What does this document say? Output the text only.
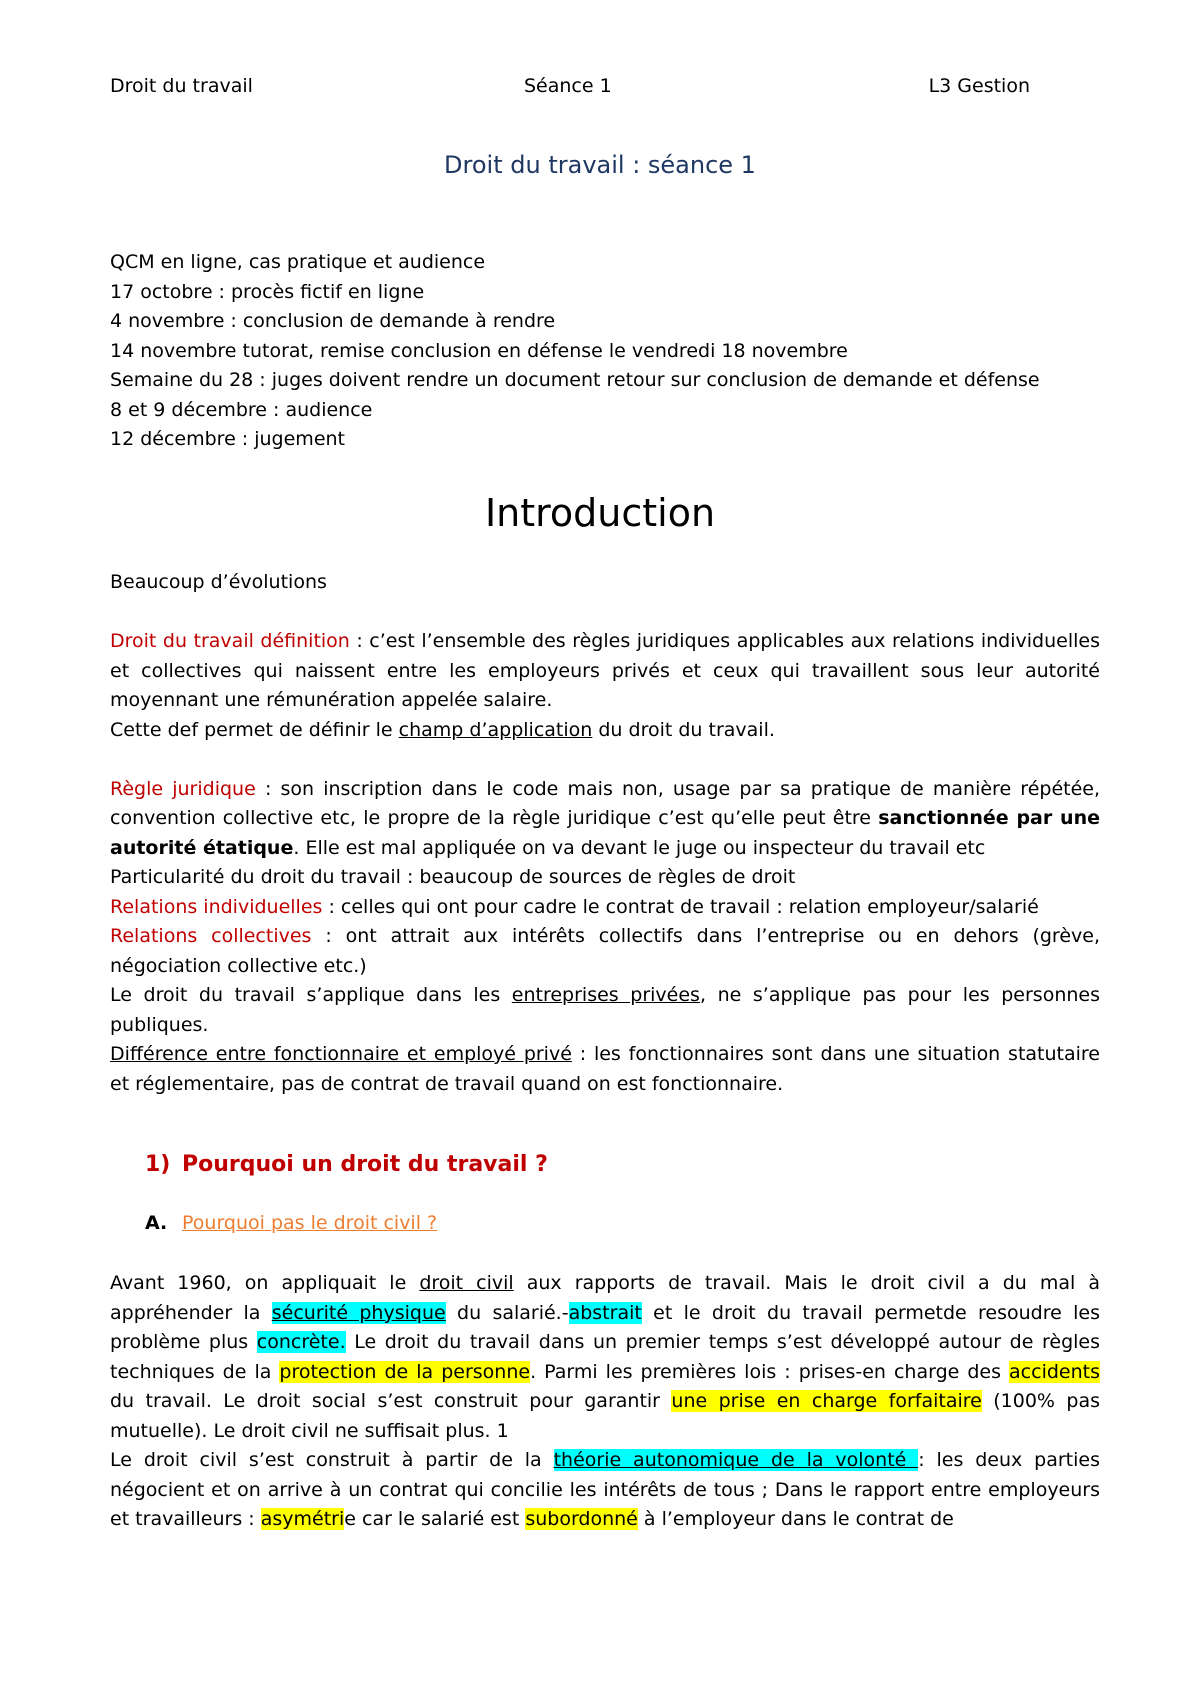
Droit du travail	Séance 1	L3 Gestion
Droit du travail : séance 1
QCM en ligne, cas pratique et audience
17 octobre : procès fictif en ligne
4 novembre : conclusion de demande à rendre
14 novembre tutorat, remise conclusion en défense le vendredi 18 novembre
Semaine du 28 : juges doivent rendre un document retour sur conclusion de demande et défense
8 et 9 décembre : audience
12 décembre : jugement
Introduction

Beaucoup d’évolutions

Droit du travail définition : c’est l’ensemble des règles juridiques applicables aux relations individuelles et collectives qui naissent entre les employeurs privés et ceux qui travaillent sous leur autorité moyennant une rémunération appelée salaire.

Cette def permet de définir le champ d’application du droit du travail.

Règle juridique : son inscription dans le code mais non, usage par sa pratique de manière répétée, convention collective etc, le propre de la règle juridique c’est qu’elle peut être sanctionnée par une autorité étatique. Elle est mal appliquée on va devant le juge ou inspecteur du travail etc

Particularité du droit du travail : beaucoup de sources de règles de droit

Relations individuelles : celles qui ont pour cadre le contrat de travail : relation employeur/salarié

Relations collectives : ont attrait aux intérêts collectifs dans l’entreprise ou en dehors (grève, négociation collective etc.)

Le droit du travail s’applique dans les entreprises privées, ne s’applique pas pour les personnes publiques.

Différence entre fonctionnaire et employé privé : les fonctionnaires sont dans une situation statutaire et réglementaire, pas de contrat de travail quand on est fonctionnaire.

1) Pourquoi un droit du travail ?
A. Pourquoi pas le droit civil ?

Avant 1960, on appliquait le droit civil aux rapports de travail. Mais le droit civil a du mal à appréhender la sécurité physique du salarié.-abstrait et le droit du travail permetde resoudre les problème plus concrète. Le droit du travail dans un premier temps s’est développé autour de règles techniques de la protection de la personne. Parmi les premières lois : prises-en charge des accidents du travail. Le droit social s’est construit pour garantir une prise en charge forfaitaire (100% pas mutuelle). Le droit civil ne suffisait plus. 1

Le droit civil s’est construit à partir de la théorie autonomique de la volonté : les deux parties négocient et on arrive à un contrat qui concilie les intérêts de tous ; Dans le rapport entre employeurs et travailleurs : asymétrie car le salarié est subordonné à l’employeur dans le contrat de
